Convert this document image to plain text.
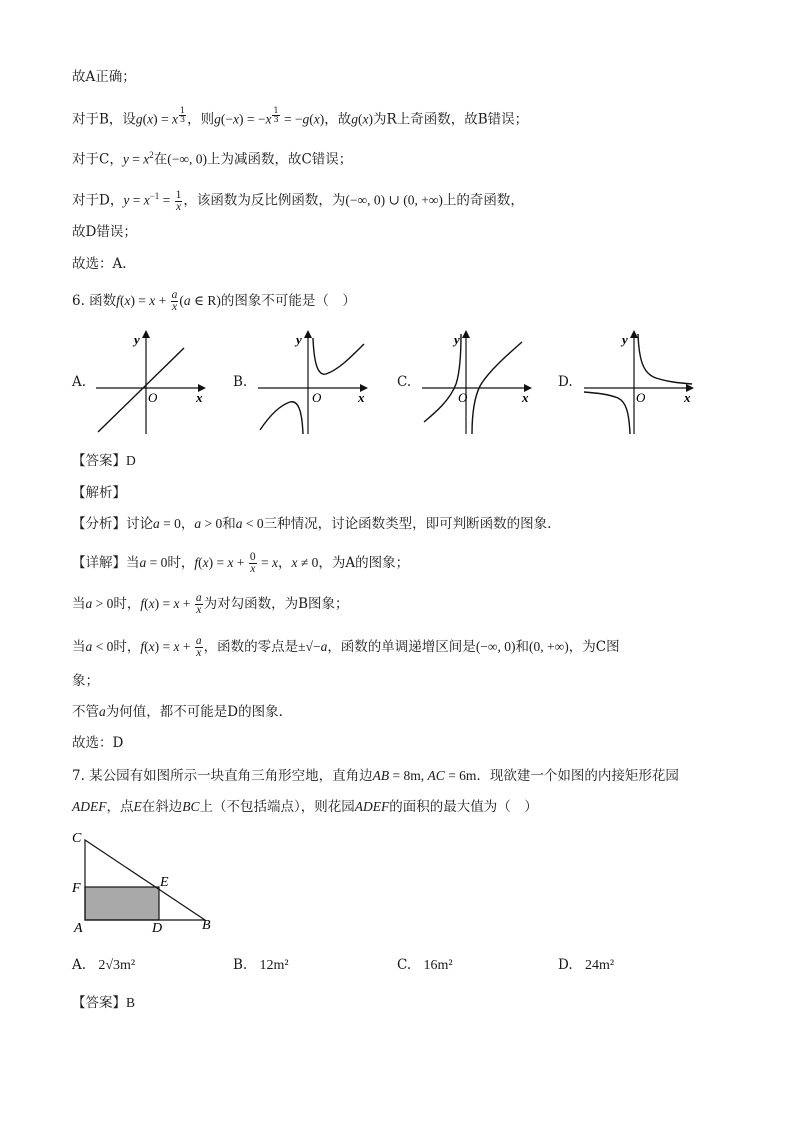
故A正确；
对于B，设g(x) = x $^{\frac{1}{3}}$ ，则g(−x) = −x $^{\frac{1}{3}}$ = −g(x)，故g(x)为R上奇函数，故B错误；
对于C，$y = x^2$在(−∞, 0)上为减函数，故C错误；
对于D，$y = x^{-1} = \frac{1}{x}$ ，该函数为反比例函数，为(−∞, 0) ∪ (0, +∞)上的奇函数，
故D错误；
故选：A.
6. 函数$f(x) = x + \frac{a}{x} (a$ ∈ R)的图象不可能是（　）
A.	B.	C.	D.
y
O	x
y
O	x
y
O	x
y
O	x
【答案】D
【解析】
【分析】讨论a = 0，a > 0和a < 0三种情况，讨论函数类型，即可判断函数的图象.
【详解】当a = 0时，$f(x) = x + \frac{0}{x} = x$，x ≠ 0，为A的图象；
当a > 0时，$f(x) = x + \frac{a}{x}$ 为对勾函数，为B图象；
当a < 0时，$f(x) = x + \frac{a}{x}$ ，函数的零点是±√−a，函数的单调递增区间是(−∞, 0)和(0, +∞)，为C图
象；
不管a为何值，都不可能是D的图象.
故选：D
7. 某公园有如图所示一块直角三角形空地，直角边AB = 8m, AC = 6m．现欲建一个如图的内接矩形花园
ADEF，点E在斜边BC上（不包括端点），则花园ADEF的面积的最大值为（　）
C
F	E
A	D	B
A. 2√3m²	B. 12m²	C. 16m²	D. 24m²
【答案】B
